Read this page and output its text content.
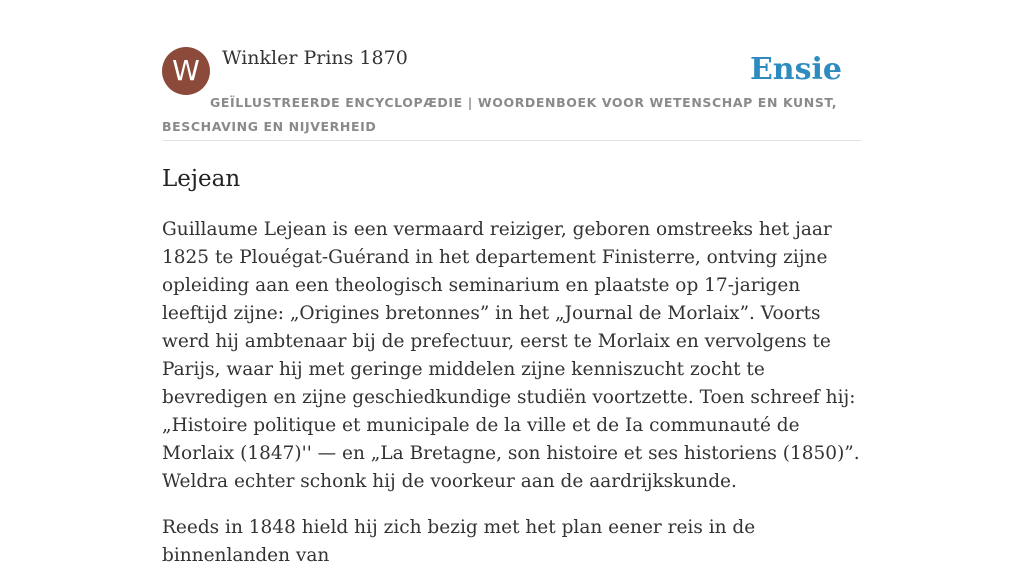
W	Winkler Prins 1870	Ensie
GEÏLLUSTREERDE ENCYCLOPÆDIE | WOORDENBOEK VOOR WETENSCHAP EN KUNST, BESCHAVING EN NIJVERHEID
Lejean

Guillaume Lejean is een vermaard reiziger, geboren omstreeks het jaar 1825 te Plouégat-Guérand in het departement Finisterre, ontving zijne opleiding aan een theologisch seminarium en plaatste op 17-jarigen leeftijd zijne: „Origines bretonnes” in het „Journal de Morlaix”. Voorts werd hij ambtenaar bij de prefectuur, eerst te Morlaix en vervolgens te Parijs, waar hij met geringe middelen zijne kenniszucht zocht te bevredigen en zijne geschiedkundige studiën voortzette. Toen schreef hij: „Histoire politique et municipale de la ville et de Ia communauté de Morlaix (1847)'' — en „La Bretagne, son histoire et ses historiens (1850)”. Weldra echter schonk hij de voorkeur aan de aardrijkskunde.

Reeds in 1848 hield hij zich bezig met het plan eener reis in de binnenlanden van
